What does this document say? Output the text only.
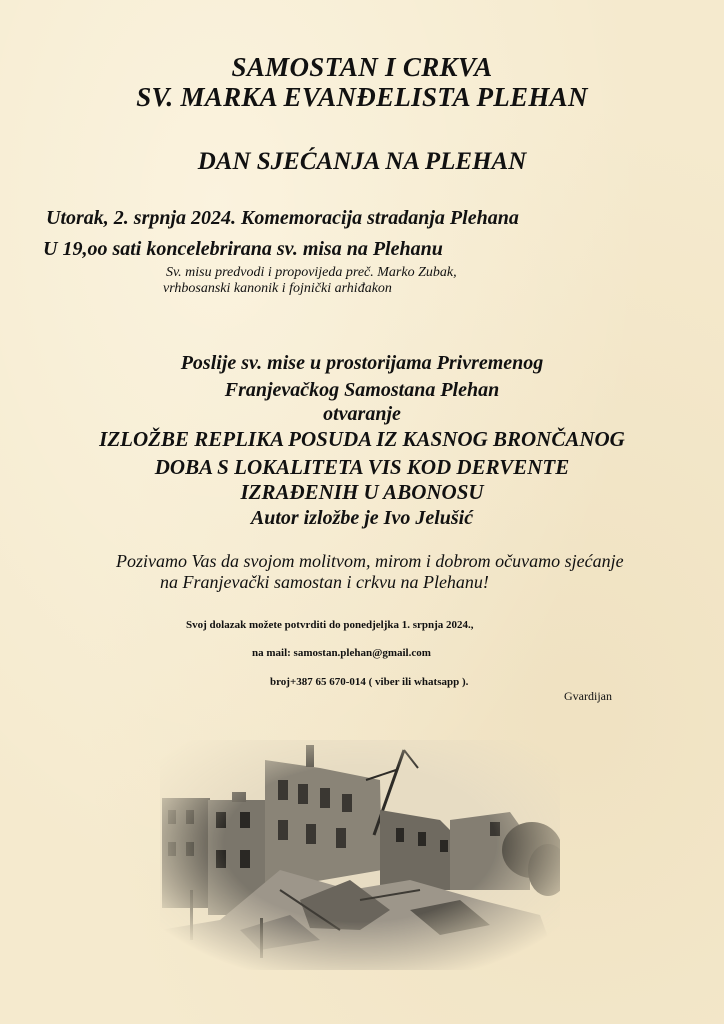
SAMOSTAN I CRKVA
SV. MARKA EVANĐELISTA PLEHAN
DAN SJEĆANJA NA PLEHAN
Utorak, 2. srpnja 2024. Komemoracija stradanja Plehana
U 19,oo sati koncelebrirana sv. misa na Plehanu
Sv. misu predvodi i propovijeda preč. Marko Zubak,
vrhbosanski kanonik i fojnički arhiđakon
Poslije sv. mise u prostorijama Privremenog
Franjevačkog Samostana Plehan
otvaranje
IZLOŽBE REPLIKA POSUDA IZ KASNOG BRONČANOG
DOBA S LOKALITETA VIS KOD DERVENTE
IZRAĐENIH U ABONOSU
Autor izložbe je Ivo Jelušić
Pozivamo Vas da svojom molitvom, mirom i dobrom očuvamo sjećanje
na Franjevački samostan i crkvu na Plehanu!
Svoj dolazak možete potvrditi do ponedjeljka 1. srpnja 2024.,
na mail: samostan.plehan@gmail.com
broj+387 65 670-014 ( viber ili whatsapp ).
Gvardijan
